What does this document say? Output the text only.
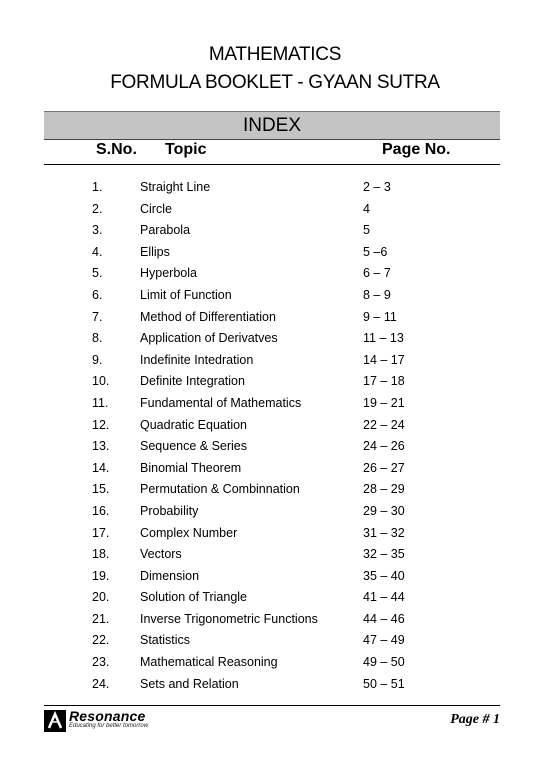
MATHEMATICS
FORMULA BOOKLET - GYAAN SUTRA
INDEX
S.No. Topic	Page No.
1.	Straight Line	2 – 3
2.	Circle	4
3.	Parabola	5
4.	Ellips	5 –6
5.	Hyperbola	6 – 7
6.	Limit of Function	8 – 9
7.	Method of Differentiation	9 – 11
8.	Application of Derivatves	11 – 13
9.	Indefinite Intedration	14 – 17
10. Definite Integration	17 – 18
11.	Fundamental of Mathematics	19 – 21
12. Quadratic Equation	22 – 24
13. Sequence & Series	24 – 26
14. Binomial Theorem	26 – 27
15. Permutation & Combinnation	28 – 29
16. Probability	29 – 30
17. Complex Number	31 – 32
18. Vectors	32 – 35
19. Dimension	35 – 40
20. Solution of Triangle	41 – 44
21. Inverse Trigonometric Functions	44 – 46
22. Statistics	47 – 49
23. Mathematical Reasoning	49 – 50
24. Sets and Relation	50 – 51
Resonance
Educating for better tomorrow	Page # 1
